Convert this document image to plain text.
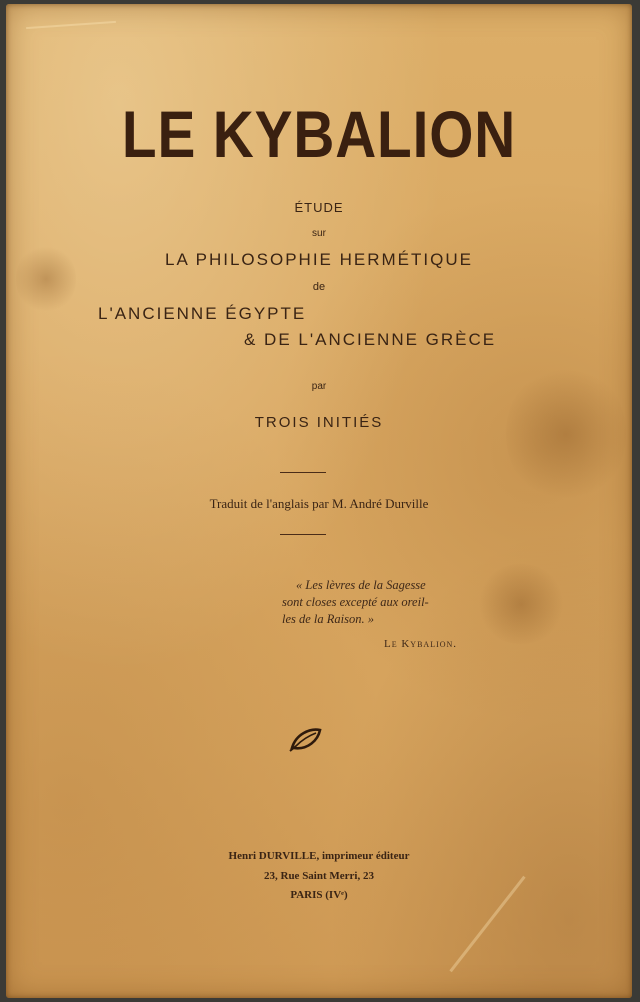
LE KYBALION
ÉTUDE
sur
LA PHILOSOPHIE HERMÉTIQUE
de
L'ANCIENNE ÉGYPTE
& DE L'ANCIENNE GRÈCE
par
TROIS INITIÉS
Traduit de l'anglais par M. André Durville
« Les lèvres de la Sagesse
sont closes excepté aux oreil-
les de la Raison. »
Le Kybalion.
Henri DURVILLE, imprimeur éditeur
23, Rue Saint Merri, 23
PARIS (IVᵉ)
